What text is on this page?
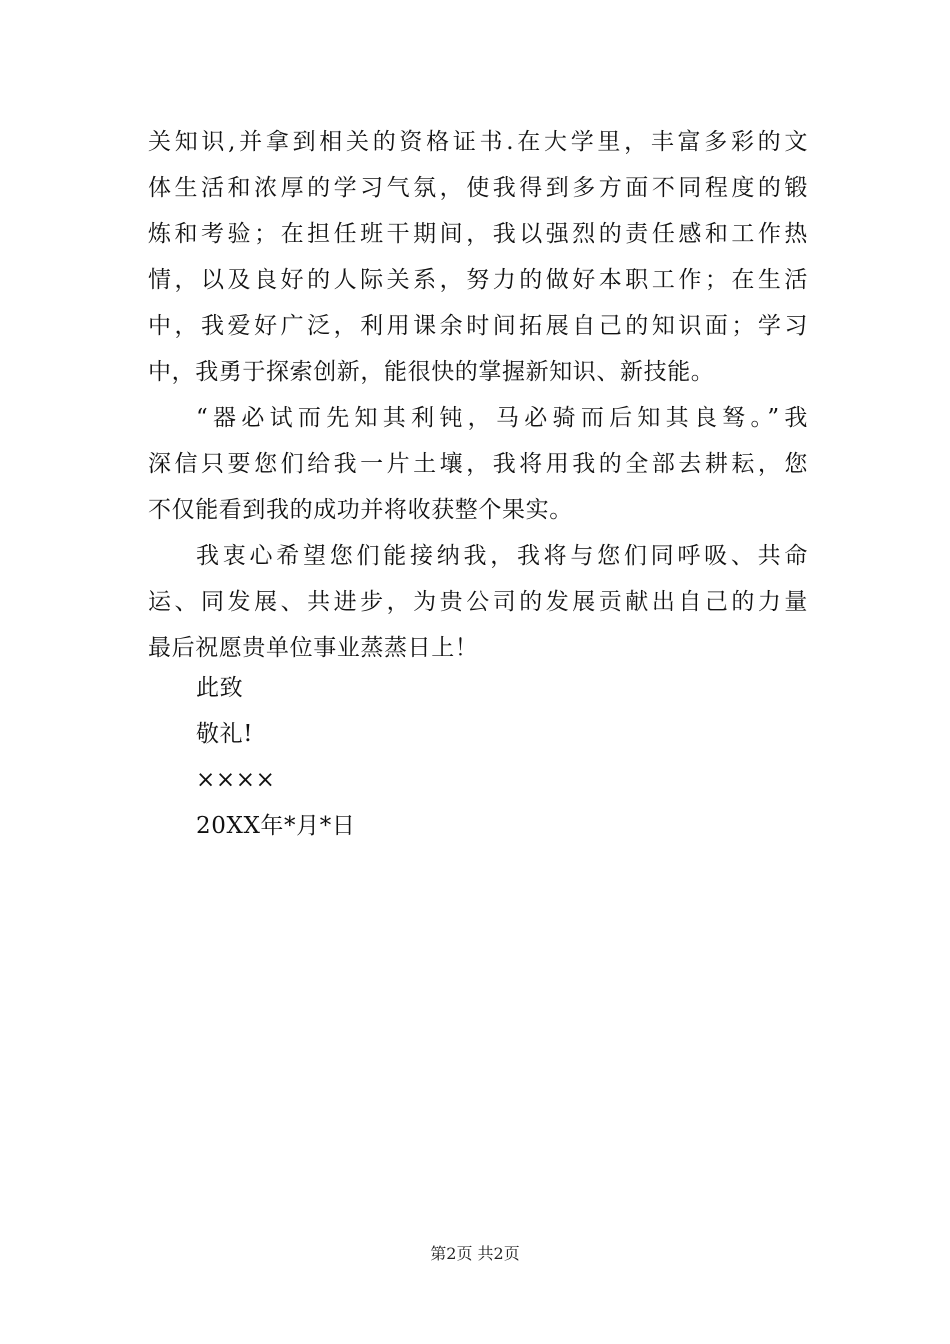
关知识,并拿到相关的资格证书.在大学里，丰富多彩的文
体生活和浓厚的学习气氛，使我得到多方面不同程度的锻
炼和考验；在担任班干期间，我以强烈的责任感和工作热
情，以及良好的人际关系，努力的做好本职工作；在生活
中，我爱好广泛，利用课余时间拓展自己的知识面；学习
中，我勇于探索创新，能很快的掌握新知识、新技能。
“器必试而先知其利钝，马必骑而后知其良驽。”我
深信只要您们给我一片土壤，我将用我的全部去耕耘，您
不仅能看到我的成功并将收获整个果实。
我衷心希望您们能接纳我，我将与您们同呼吸、共命
运、同发展、共进步，为贵公司的发展贡献出自己的力量
最后祝愿贵单位事业蒸蒸日上！
此致
敬礼!
××××
20XX年*月*日
第2页 共2页
